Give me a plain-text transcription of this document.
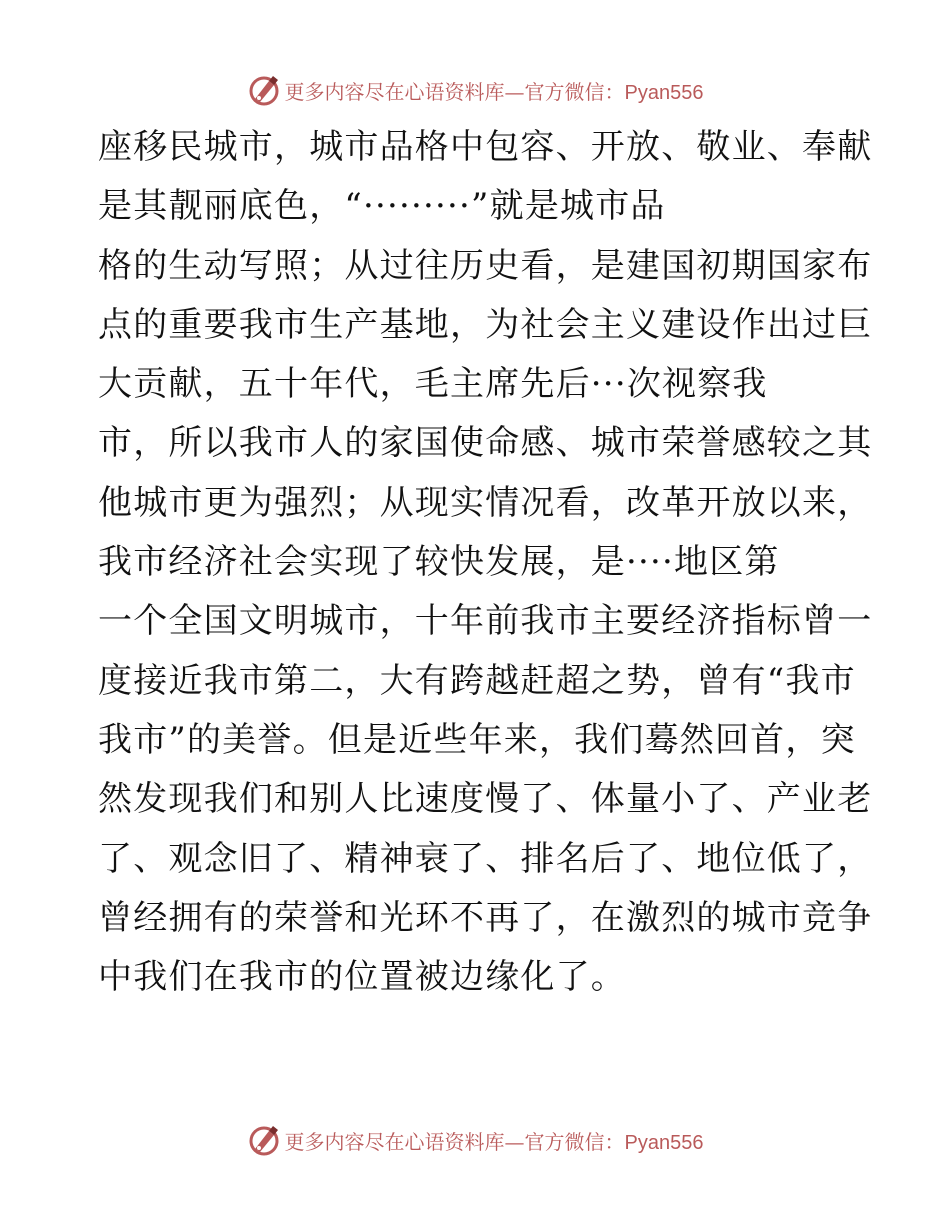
更多内容尽在心语资料库—官方微信：Pyan556
座移民城市，城市品格中包容、开放、敬业、奉献
是其靓丽底色，“·········”就是城市品
格的生动写照；从过往历史看，是建国初期国家布
点的重要我市生产基地，为社会主义建设作出过巨
大贡献，五十年代，毛主席先后···次视察我
市，所以我市人的家国使命感、城市荣誉感较之其
他城市更为强烈；从现实情况看，改革开放以来，
我市经济社会实现了较快发展，是····地区第
一个全国文明城市，十年前我市主要经济指标曾一
度接近我市第二，大有跨越赶超之势，曾有“我市
我市”的美誉。但是近些年来，我们蓦然回首，突
然发现我们和别人比速度慢了、体量小了、产业老
了、观念旧了、精神衰了、排名后了、地位低了，
曾经拥有的荣誉和光环不再了，在激烈的城市竞争
中我们在我市的位置被边缘化了。
更多内容尽在心语资料库—官方微信：Pyan556
